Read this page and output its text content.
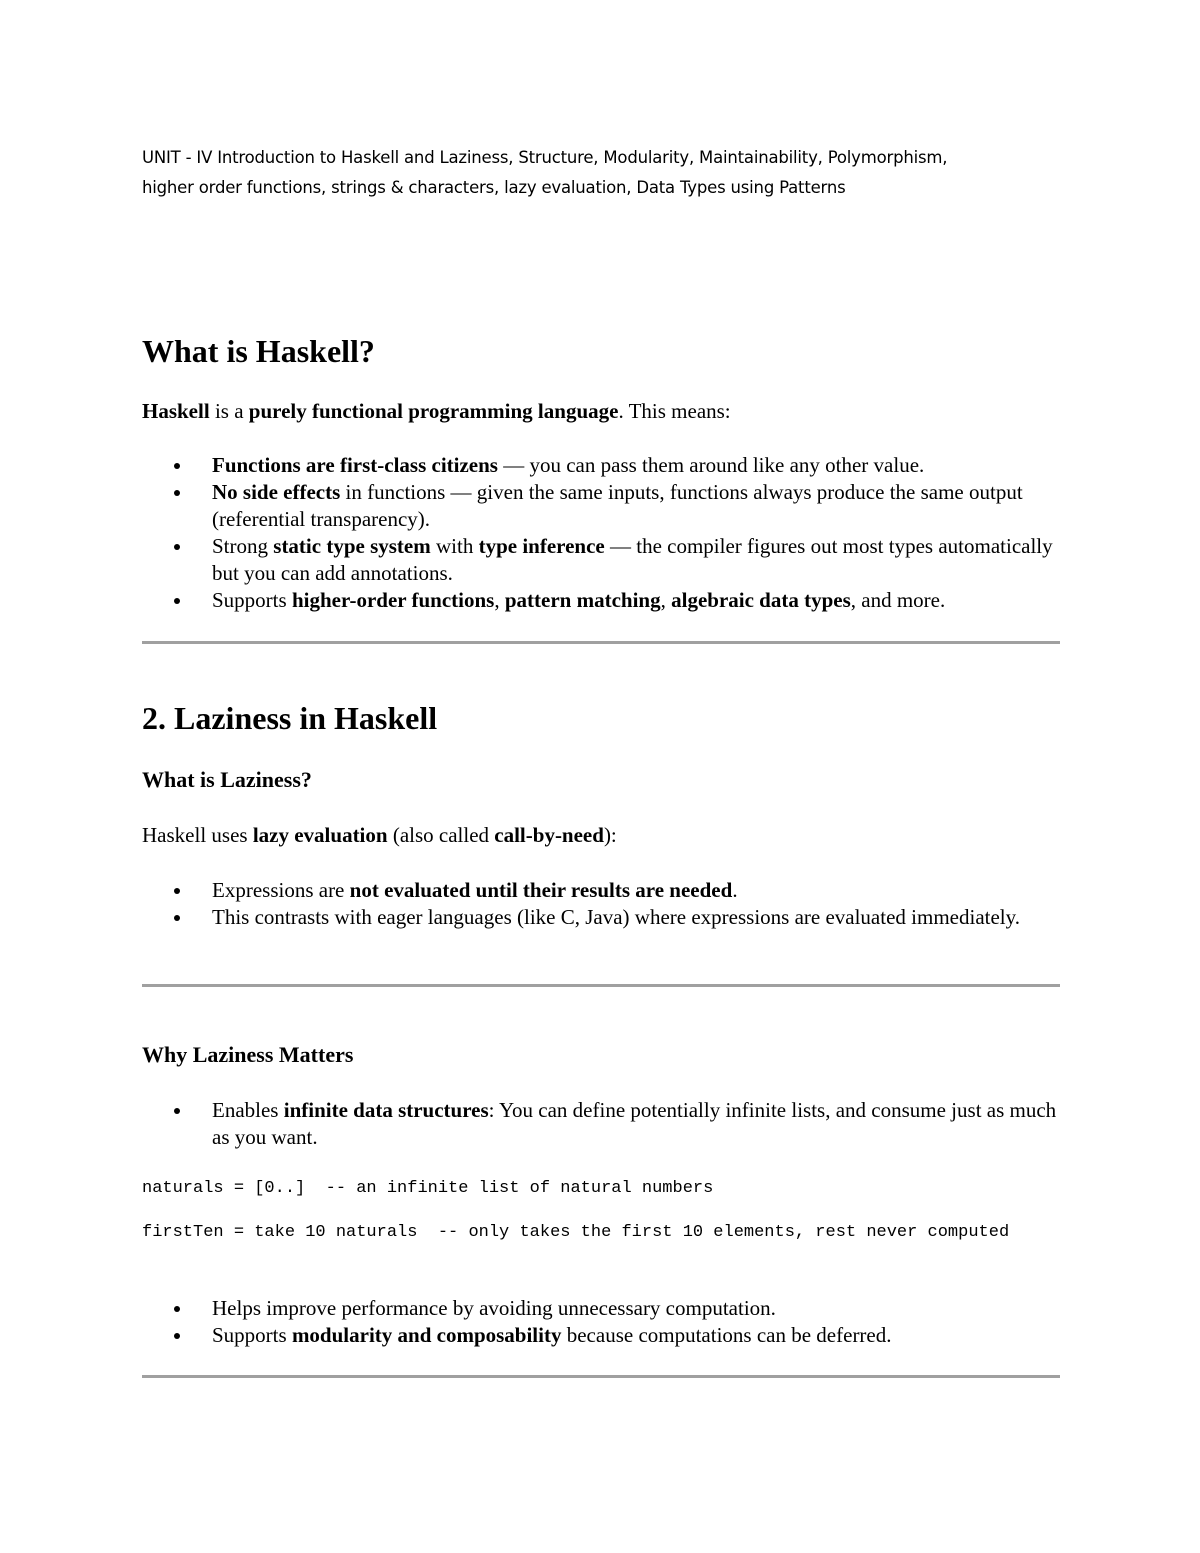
UNIT - IV Introduction to Haskell and Laziness, Structure, Modularity, Maintainability, Polymorphism,
higher order functions, strings & characters, lazy evaluation, Data Types using Patterns
What is Haskell?

Haskell is a purely functional programming language. This means:

Functions are first-class citizens — you can pass them around like any other value.
No side effects in functions — given the same inputs, functions always produce the same output (referential transparency).
Strong static type system with type inference — the compiler figures out most types automatically but you can add annotations.
Supports higher-order functions, pattern matching, algebraic data types, and more.
2. Laziness in Haskell
What is Laziness?

Haskell uses lazy evaluation (also called call-by-need):

Expressions are not evaluated until their results are needed.
This contrasts with eager languages (like C, Java) where expressions are evaluated immediately.
Why Laziness Matters
Enables infinite data structures: You can define potentially infinite lists, and consume just as much as you want.
naturals = [0..]  -- an infinite list of natural numbers
firstTen = take 10 naturals  -- only takes the first 10 elements, rest never computed
Helps improve performance by avoiding unnecessary computation.
Supports modularity and composability because computations can be deferred.
